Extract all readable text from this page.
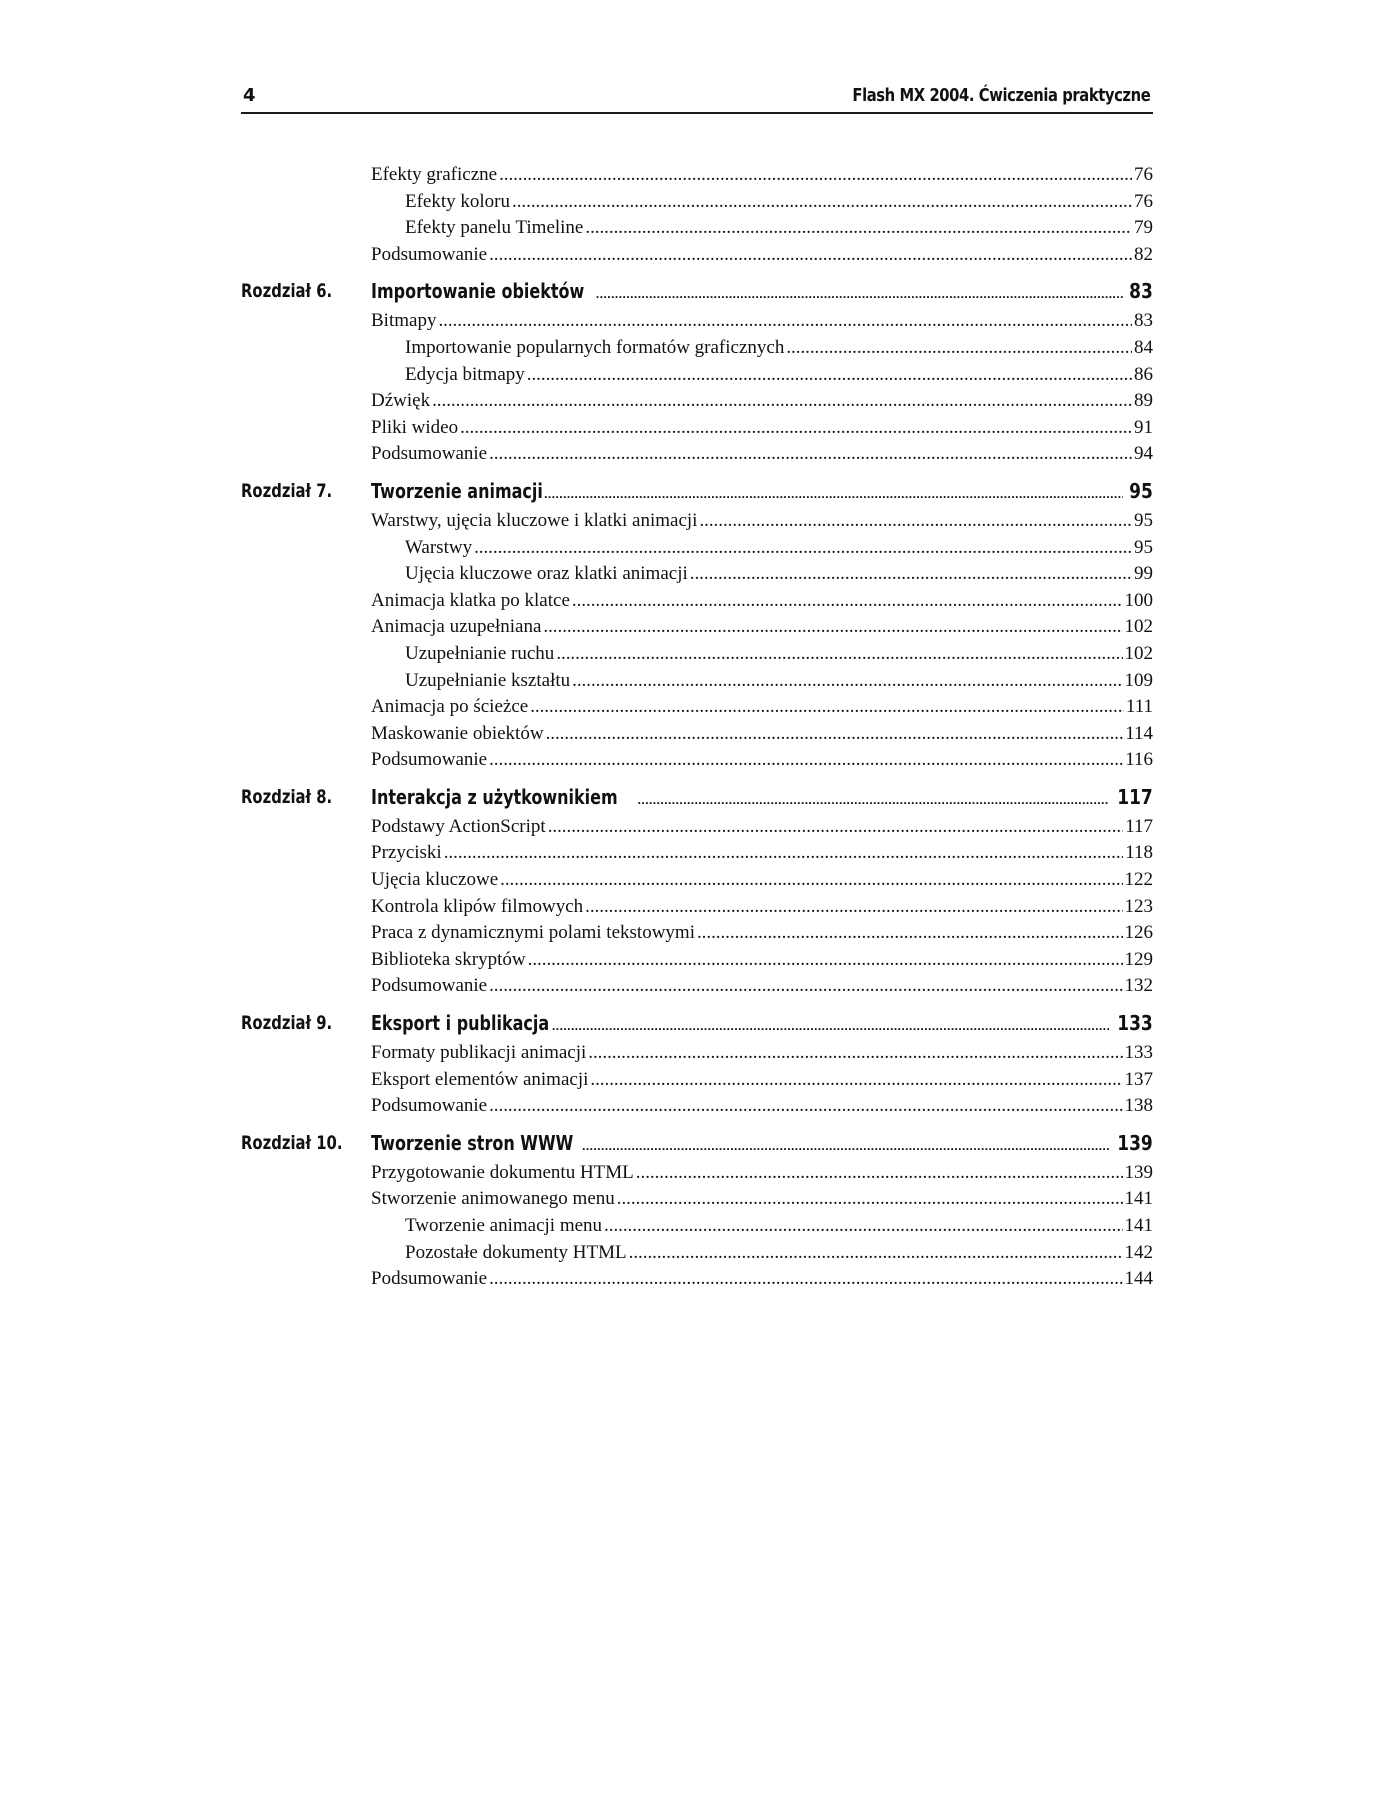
4	Flash MX 2004. Ćwiczenia praktyczne
Efekty graficzne . . .	76
Efekty koloru . . .	76
Efekty panelu Timeline . . .	79
Podsumowanie . . .	82
Rozdział 6. Importowanie obiektów .....	83
Bitmapy . . .	83
Importowanie popularnych formatów graficznych . . .	84
Edycja bitmapy . . .	86
Dźwięk . . .	89
Pliki wideo . . .	91
Podsumowanie . . .	94
Rozdział 7. Tworzenie animacji .....	95
Warstwy, ujęcia kluczowe i klatki animacji . . .	95
Warstwy . . .	95
Ujęcia kluczowe oraz klatki animacji . . .	99
Animacja klatka po klatce . . .	100
Animacja uzupełniana . . .	102
Uzupełnianie ruchu . . .	102
Uzupełnianie kształtu . . .	109
Animacja po ścieżce . . .	111
Maskowanie obiektów . . .	114
Podsumowanie . . .	116
Rozdział 8. Interakcja z użytkownikiem .....	117
Podstawy ActionScript . . .	117
Przyciski . . .	118
Ujęcia kluczowe . . .	122
Kontrola klipów filmowych . . .	123
Praca z dynamicznymi polami tekstowymi . . .	126
Biblioteka skryptów . . .	129
Podsumowanie . . .	132
Rozdział 9. Eksport i publikacja .....	133
Formaty publikacji animacji . . .	133
Eksport elementów animacji . . .	137
Podsumowanie . . .	138
Rozdział 10. Tworzenie stron WWW .....	139
Przygotowanie dokumentu HTML . . .	139
Stworzenie animowanego menu . . .	141
Tworzenie animacji menu . . .	141
Pozostałe dokumenty HTML . . .	142
Podsumowanie . . .	144
